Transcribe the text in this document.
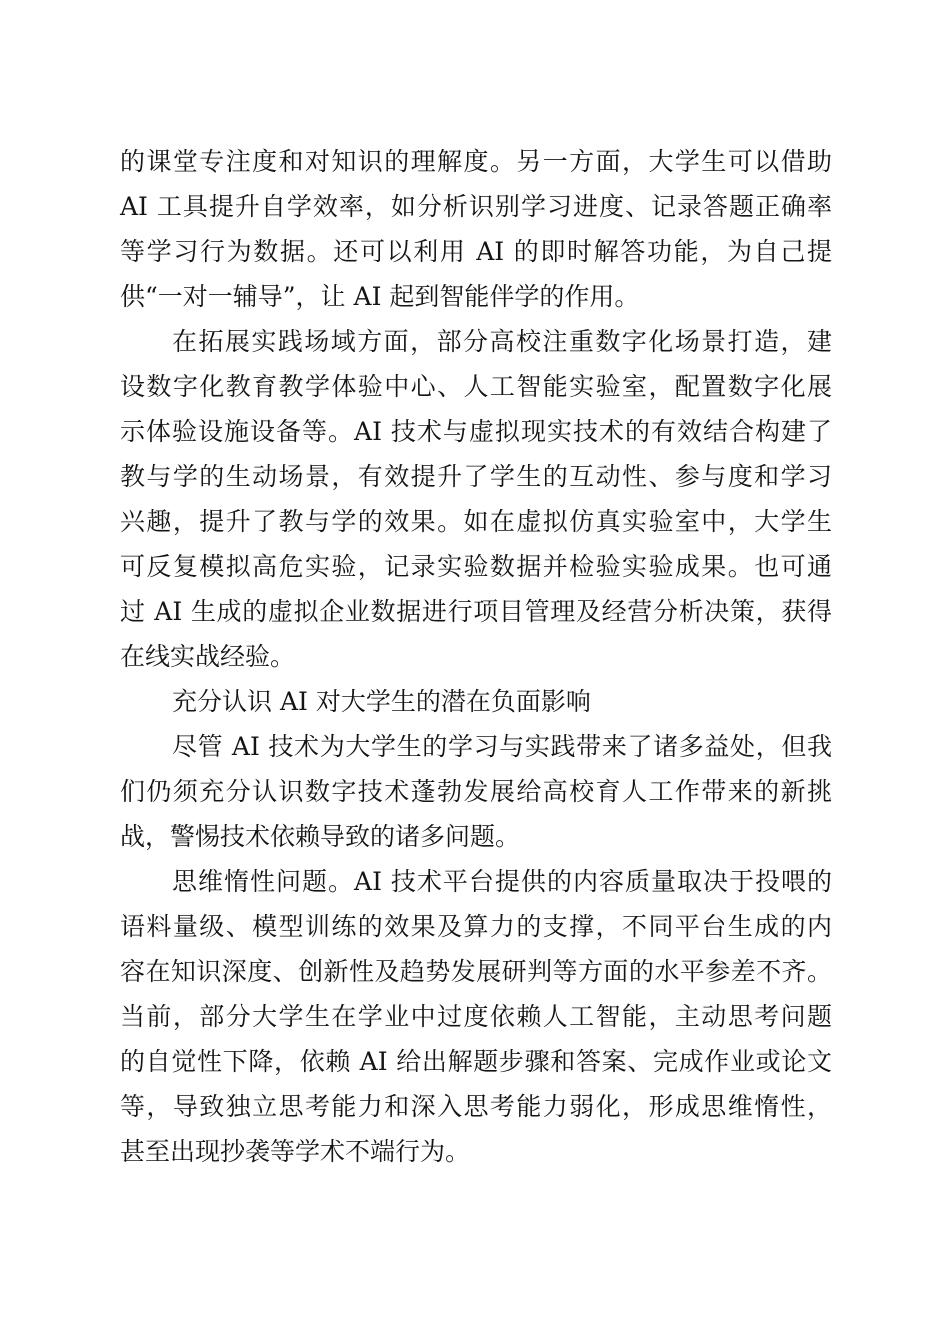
的课堂专注度和对知识的理解度。另一方面，大学生可以借助
AI 工具提升自学效率，如分析识别学习进度、记录答题正确率
等学习行为数据。还可以利用 AI 的即时解答功能，为自己提
供“一对一辅导”，让 AI 起到智能伴学的作用。
在拓展实践场域方面，部分高校注重数字化场景打造，建
设数字化教育教学体验中心、人工智能实验室，配置数字化展
示体验设施设备等。AI 技术与虚拟现实技术的有效结合构建了
教与学的生动场景，有效提升了学生的互动性、参与度和学习
兴趣，提升了教与学的效果。如在虚拟仿真实验室中，大学生
可反复模拟高危实验，记录实验数据并检验实验成果。也可通
过 AI 生成的虚拟企业数据进行项目管理及经营分析决策，获得
在线实战经验。
充分认识 AI 对大学生的潜在负面影响
尽管 AI 技术为大学生的学习与实践带来了诸多益处，但我
们仍须充分认识数字技术蓬勃发展给高校育人工作带来的新挑
战，警惕技术依赖导致的诸多问题。
思维惰性问题。AI 技术平台提供的内容质量取决于投喂的
语料量级、模型训练的效果及算力的支撑，不同平台生成的内
容在知识深度、创新性及趋势发展研判等方面的水平参差不齐。
当前，部分大学生在学业中过度依赖人工智能，主动思考问题
的自觉性下降，依赖 AI 给出解题步骤和答案、完成作业或论文
等，导致独立思考能力和深入思考能力弱化，形成思维惰性，
甚至出现抄袭等学术不端行为。
